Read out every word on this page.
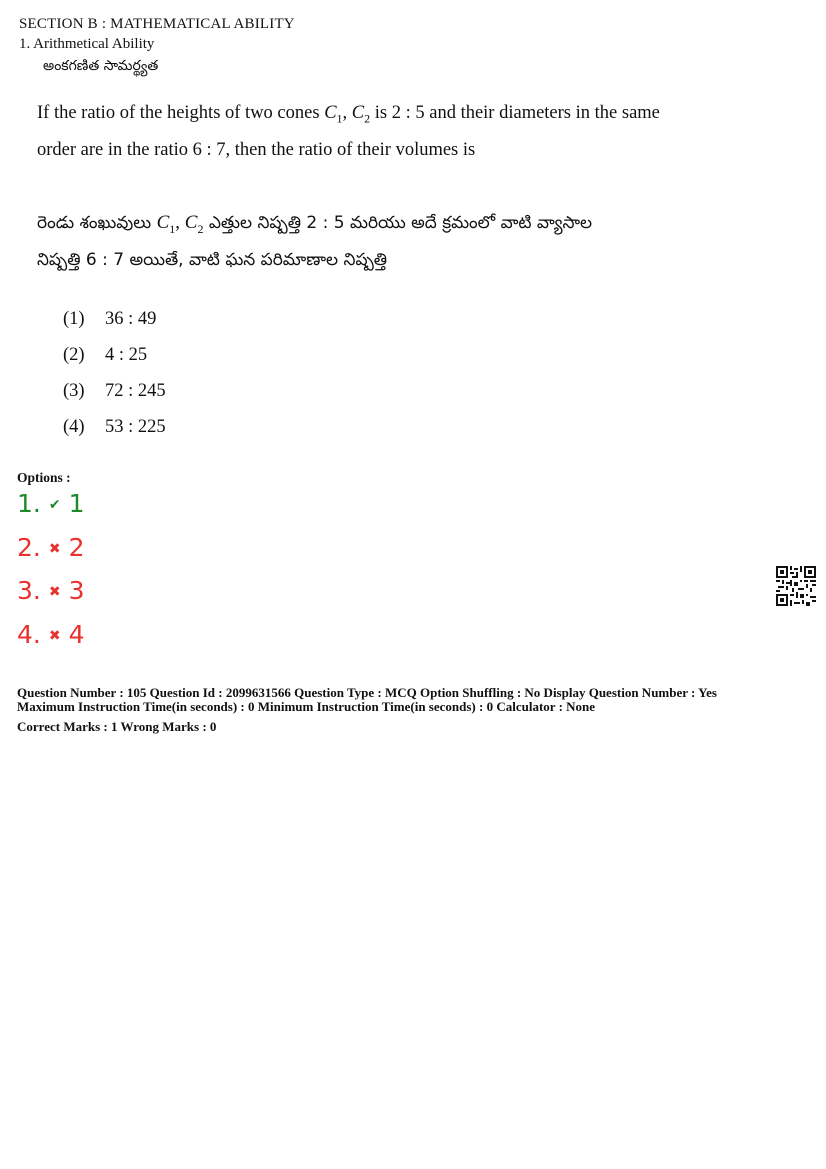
SECTION B : MATHEMATICAL ABILITY
1. Arithmetical Ability
అంకగణిత సామర్థ్యత
If the ratio of the heights of two cones $C_1$, $C_2$ is 2 : 5 and their diameters in the same
order are in the ratio 6 : 7, then the ratio of their volumes is
రెండు శంఖువులు $C_1$, $C_2$ ఎత్తుల నిష్పత్తి 2 : 5 మరియు అదే క్రమంలో వాటి వ్యాసాల
నిష్పత్తి 6 : 7 అయితే, వాటి ఘన పరిమాణాల నిష్పత్తి
(1) 36 : 49
(2) 4 : 25
(3) 72 : 245
(4) 53 : 225
Options :
1. ✔ 1
2. ✖ 2
3. ✖ 3
4. ✖ 4
Question Number : 105 Question Id : 2099631566 Question Type : MCQ Option Shuffling : No Display Question Number : Yes
Maximum Instruction Time(in seconds) : 0 Minimum Instruction Time(in seconds) : 0 Calculator : None
Correct Marks : 1 Wrong Marks : 0
